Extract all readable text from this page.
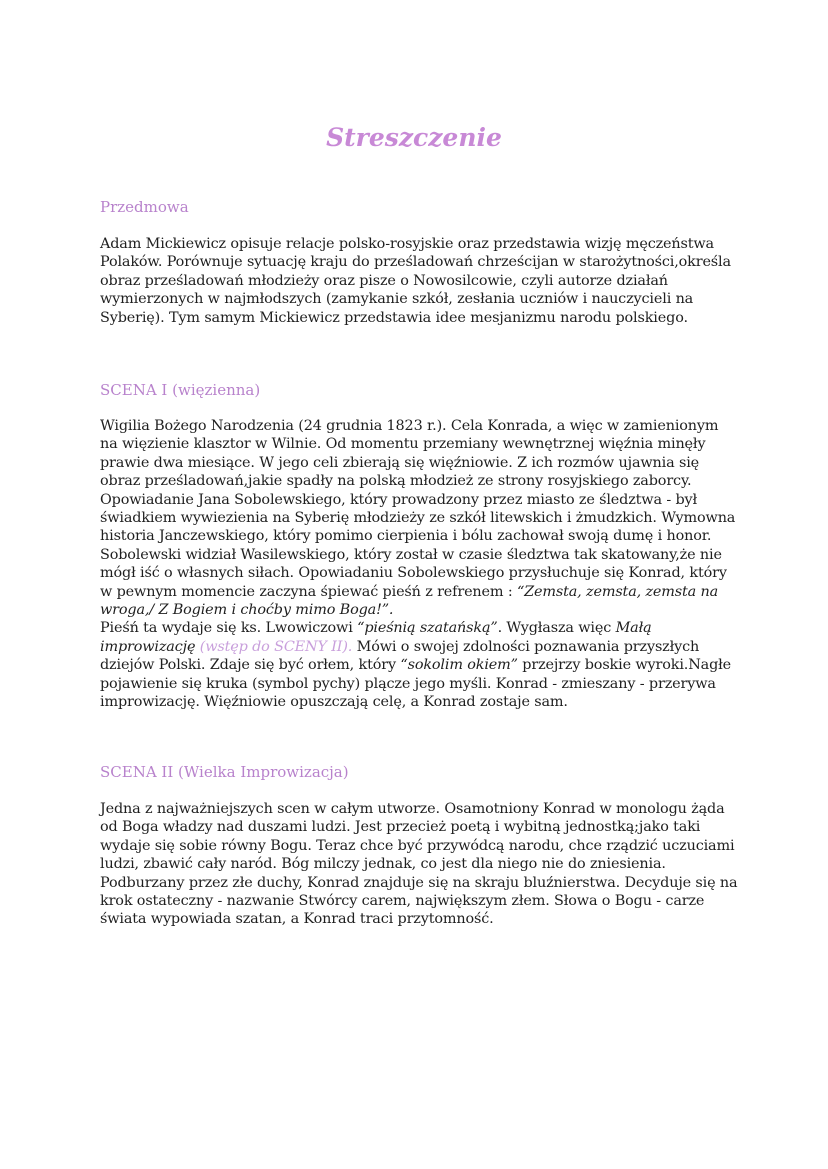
Streszczenie
Przedmowa

Adam Mickiewicz opisuje relacje polsko-rosyjskie oraz przedstawia wizję męczeństwa Polaków. Porównuje sytuację kraju do prześladowań chrześcijan w starożytności,określa obraz prześladowań młodzieży oraz pisze o Nowosilcowie, czyli autorze działań wymierzonych w najmłodszych (zamykanie szkół, zesłania uczniów i nauczycieli na Syberię). Tym samym Mickiewicz przedstawia idee mesjanizmu narodu polskiego.

SCENA I (więzienna)

Wigilia Bożego Narodzenia (24 grudnia 1823 r.). Cela Konrada, a więc w zamienionym na więzienie klasztor w Wilnie. Od momentu przemiany wewnętrznej więźnia minęły prawie dwa miesiące. W jego celi zbierają się więźniowie. Z ich rozmów ujawnia się obraz prześladowań,jakie spadły na polską młodzież ze strony rosyjskiego zaborcy. Opowiadanie Jana Sobolewskiego, który prowadzony przez miasto ze śledztwa - był świadkiem wywiezienia na Syberię młodzieży ze szkół litewskich i żmudzkich. Wymowna historia Janczewskiego, który pomimo cierpienia i bólu zachował swoją dumę i honor. Sobolewski widział Wasilewskiego, który został w czasie śledztwa tak skatowany,że nie mógł iść o własnych siłach. Opowiadaniu Sobolewskiego przysłuchuje się Konrad, który w pewnym momencie zaczyna śpiewać pieśń z refrenem : “Zemsta, zemsta, zemsta na wroga,/ Z Bogiem i choćby mimo Boga!”.

Pieśń ta wydaje się ks. Lwowiczowi “pieśnią szatańską”. Wygłasza więc Małą improwizację (wstęp do SCENY II). Mówi o swojej zdolności poznawania przyszłych dziejów Polski. Zdaje się być orłem, który “sokolim okiem” przejrzy boskie wyroki.Nagłe pojawienie się kruka (symbol pychy) plącze jego myśli. Konrad - zmieszany - przerywa improwizację. Więźniowie opuszczają celę, a Konrad zostaje sam.

SCENA II (Wielka Improwizacja)

Jedna z najważniejszych scen w całym utworze. Osamotniony Konrad w monologu żąda od Boga władzy nad duszami ludzi. Jest przecież poetą i wybitną jednostką;jako taki wydaje się sobie równy Bogu. Teraz chce być przywódcą narodu, chce rządzić uczuciami ludzi, zbawić cały naród. Bóg milczy jednak, co jest dla niego nie do zniesienia.

Podburzany przez złe duchy, Konrad znajduje się na skraju bluźnierstwa. Decyduje się na krok ostateczny - nazwanie Stwórcy carem, największym złem. Słowa o Bogu - carze świata wypowiada szatan, a Konrad traci przytomność.
